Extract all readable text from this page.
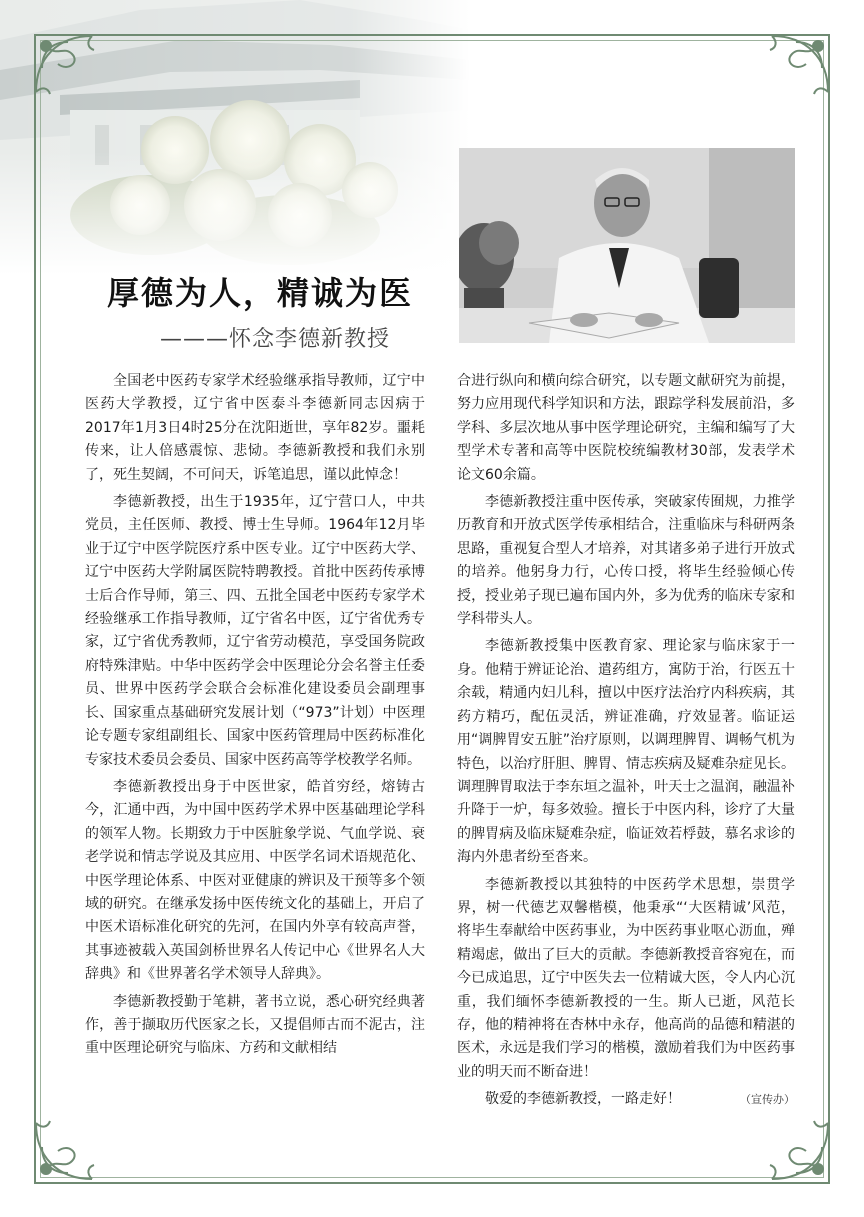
厚德为人，精诚为医
———怀念李德新教授

全国老中医药专家学术经验继承指导教师，辽宁中医药大学教授，辽宁省中医泰斗李德新同志因病于2017年1月3日4时25分在沈阳逝世，享年82岁。噩耗传来，让人倍感震惊、悲恸。李德新教授和我们永别了，死生契阔，不可问天，诉笔追思，谨以此悼念！

李德新教授，出生于1935年，辽宁营口人，中共党员，主任医师、教授、博士生导师。1964年12月毕业于辽宁中医学院医疗系中医专业。辽宁中医药大学、辽宁中医药大学附属医院特聘教授。首批中医药传承博士后合作导师，第三、四、五批全国老中医药专家学术经验继承工作指导教师，辽宁省名中医，辽宁省优秀专家，辽宁省优秀教师，辽宁省劳动模范，享受国务院政府特殊津贴。中华中医药学会中医理论分会名誉主任委员、世界中医药学会联合会标准化建设委员会副理事长、国家重点基础研究发展计划（“973”计划）中医理论专题专家组副组长、国家中医药管理局中医药标准化专家技术委员会委员、国家中医药高等学校教学名师。

李德新教授出身于中医世家，皓首穷经，熔铸古今，汇通中西，为中国中医药学术界中医基础理论学科的领军人物。长期致力于中医脏象学说、气血学说、衰老学说和情志学说及其应用、中医学名词术语规范化、中医学理论体系、中医对亚健康的辨识及干预等多个领域的研究。在继承发扬中医传统文化的基础上，开启了中医术语标准化研究的先河，在国内外享有较高声誉，其事迹被载入英国剑桥世界名人传记中心《世界名人大辞典》和《世界著名学术领导人辞典》。

李德新教授勤于笔耕，著书立说，悉心研究经典著作，善于撷取历代医家之长，又提倡师古而不泥古，注重中医理论研究与临床、方药和文献相结

合进行纵向和横向综合研究，以专题文献研究为前提，努力应用现代科学知识和方法，跟踪学科发展前沿，多学科、多层次地从事中医学理论研究，主编和编写了大型学术专著和高等中医院校统编教材30部，发表学术论文60余篇。

李德新教授注重中医传承，突破家传囿规，力推学历教育和开放式医学传承相结合，注重临床与科研两条思路，重视复合型人才培养，对其诸多弟子进行开放式的培养。他躬身力行，心传口授，将毕生经验倾心传授，授业弟子现已遍布国内外，多为优秀的临床专家和学科带头人。

李德新教授集中医教育家、理论家与临床家于一身。他精于辨证论治、遣药组方，寓防于治，行医五十余载，精通内妇儿科，擅以中医疗法治疗内科疾病，其药方精巧，配伍灵活，辨证准确，疗效显著。临证运用“调脾胃安五脏”治疗原则，以调理脾胃、调畅气机为特色，以治疗肝胆、脾胃、情志疾病及疑难杂症见长。调理脾胃取法于李东垣之温补，叶天士之温润，融温补升降于一炉，每多效验。擅长于中医内科，诊疗了大量的脾胃病及临床疑难杂症，临证效若桴鼓，慕名求诊的海内外患者纷至沓来。

李德新教授以其独特的中医药学术思想，崇贯学界，树一代德艺双馨楷模，他秉承“‘大医精诚’风范，将毕生奉献给中医药事业，为中医药事业呕心沥血，殚精竭虑，做出了巨大的贡献。李德新教授音容宛在，而今已成追思，辽宁中医失去一位精诚大医，令人内心沉重，我们缅怀李德新教授的一生。斯人已逝，风范长存，他的精神将在杏林中永存，他高尚的品德和精湛的医术，永远是我们学习的楷模，激励着我们为中医药事业的明天而不断奋进！

敬爱的李德新教授，一路走好！	（宣传办）
